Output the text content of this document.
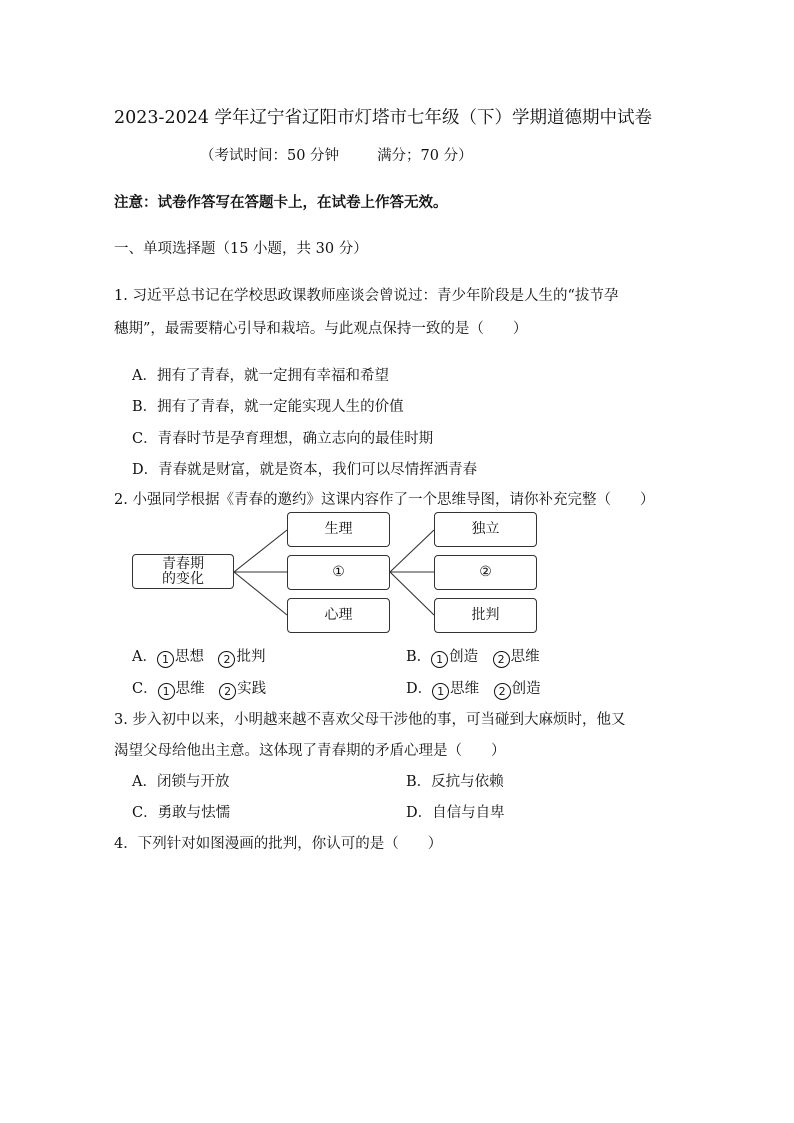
2023-2024 学年辽宁省辽阳市灯塔市七年级（下）学期道德期中试卷
（考试时间：50 分钟	满分；70 分）
注意：试卷作答写在答题卡上，在试卷上作答无效。
一、单项选择题（15 小题，共 30 分）
1. 习近平总书记在学校思政课教师座谈会曾说过：青少年阶段是人生的“拔节孕
穗期”，最需要精心引导和栽培。与此观点保持一致的是（　　）
A．拥有了青春，就一定拥有幸福和希望
B．拥有了青春，就一定能实现人生的价值
C．青春时节是孕育理想，确立志向的最佳时期
D．青春就是财富，就是资本，我们可以尽情挥洒青春
2. 小强同学根据《青春的邀约》这课内容作了一个思维导图，请你补充完整（　　）
青春期
的变化
生理
①
心理
独立
②
批判
A． 1 思想　 2 批判	B． 1 创造　 2 思维
C． 1 思维　 2 实践	D． 1 思维　 2 创造
3. 步入初中以来，小明越来越不喜欢父母干涉他的事，可当碰到大麻烦时，他又
渴望父母给他出主意。这体现了青春期的矛盾心理是（　　）
A．闭锁与开放	B．反抗与依赖
C．勇敢与怯懦	D．自信与自卑
4．下列针对如图漫画的批判，你认可的是（　　）
